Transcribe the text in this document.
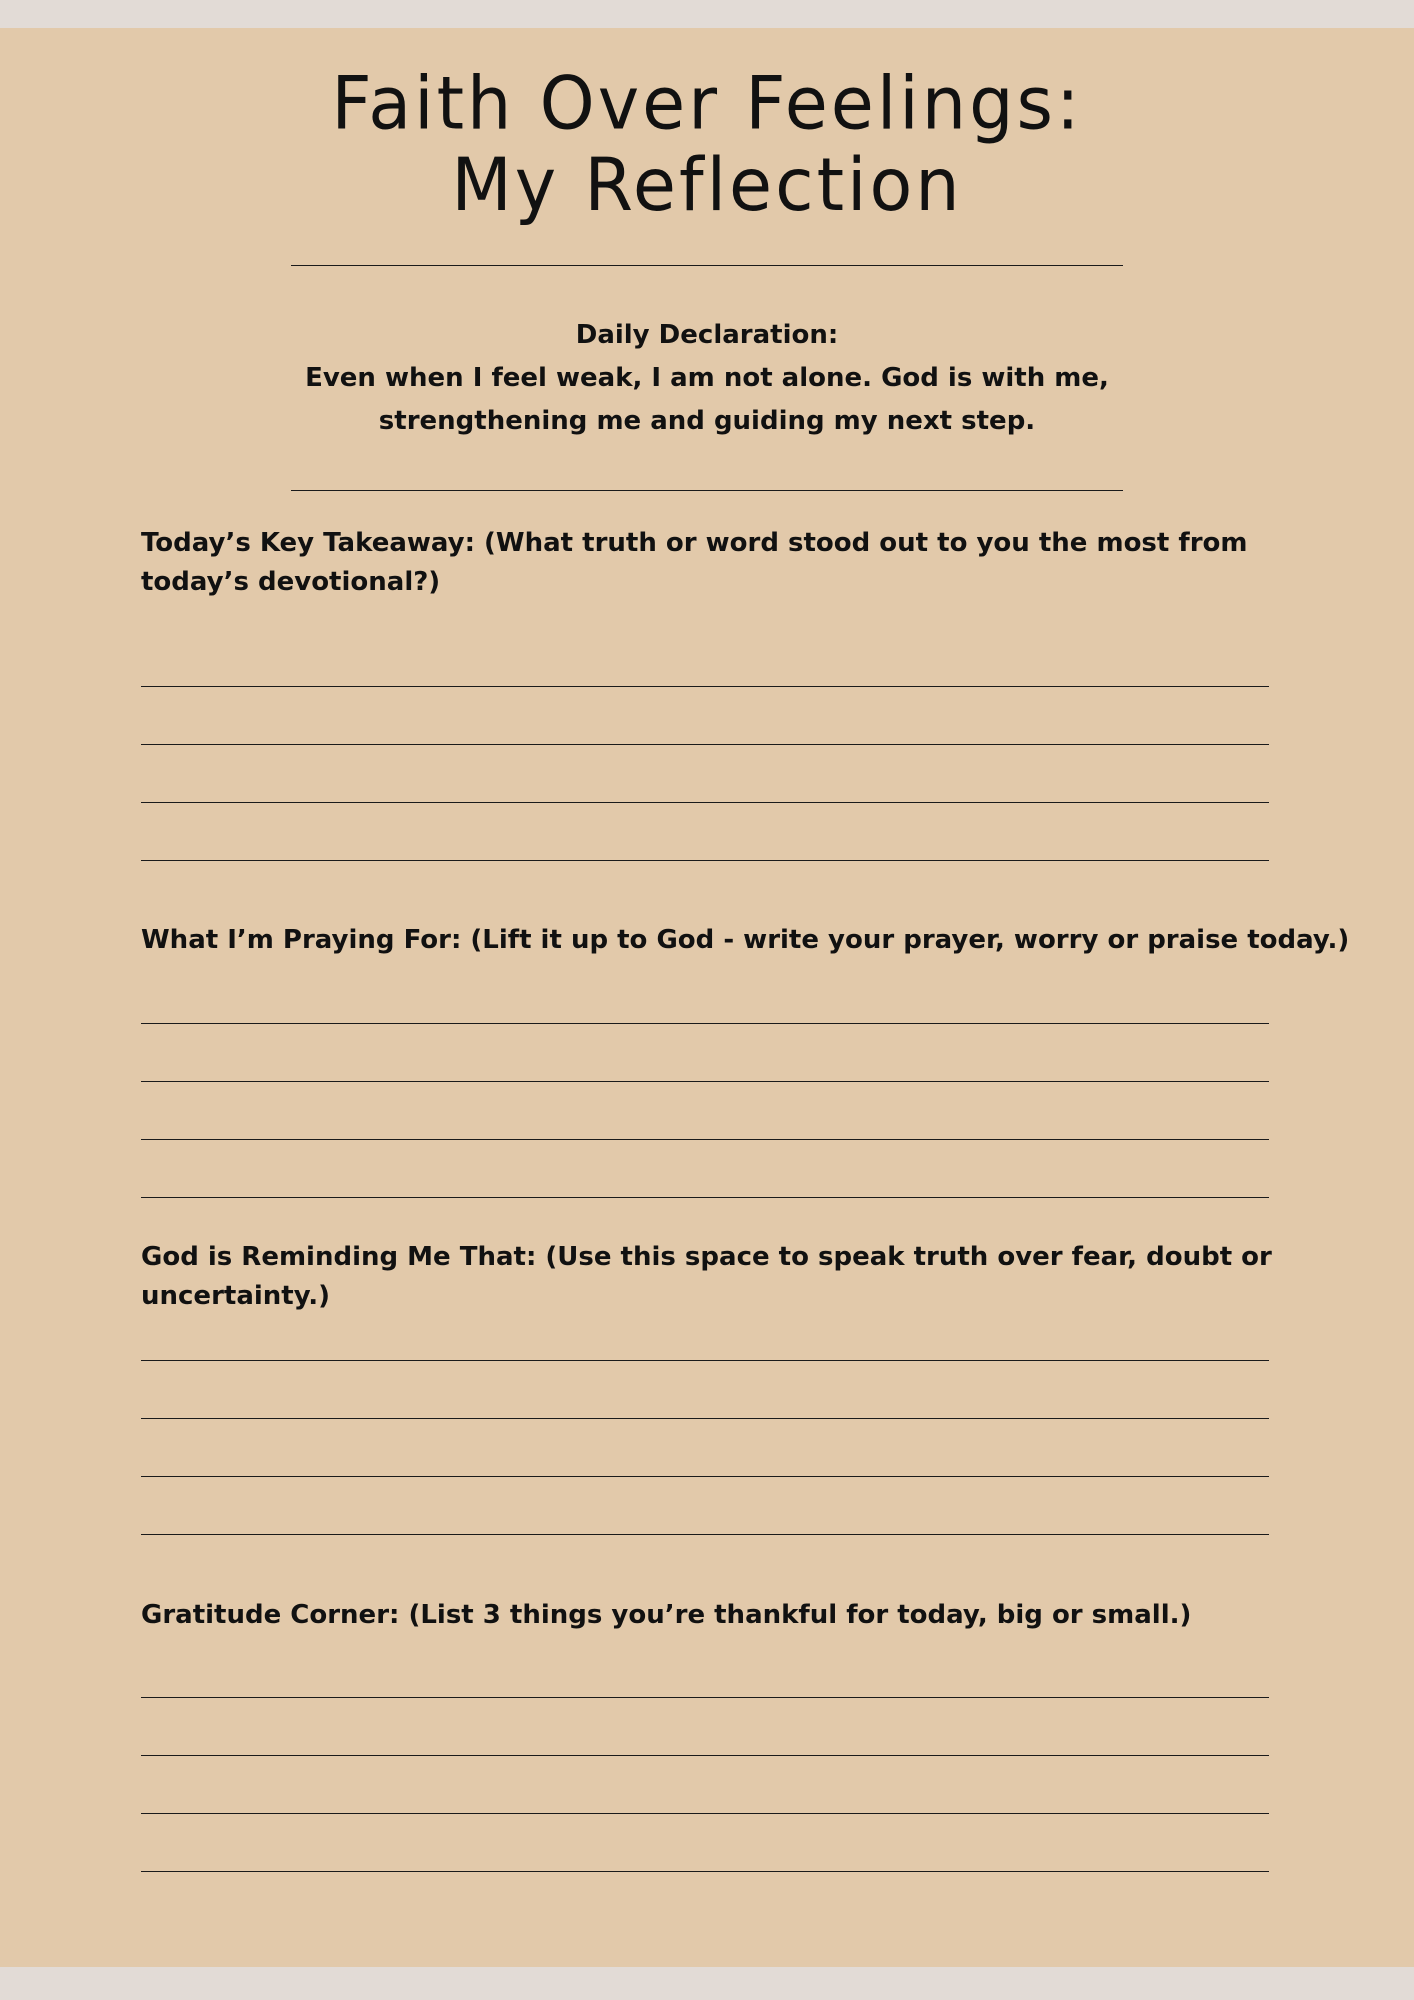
Faith Over Feelings:
My Reflection
Daily Declaration:
Even when I feel weak, I am not alone. God is with me,
strengthening me and guiding my next step.
Today’s Key Takeaway: (What truth or word stood out to you the most from today’s devotional?)
What I’m Praying For: (Lift it up to God - write your prayer, worry or praise today.)
God is Reminding Me That: (Use this space to speak truth over fear, doubt or uncertainty.)
Gratitude Corner: (List 3 things you’re thankful for today, big or small.)
